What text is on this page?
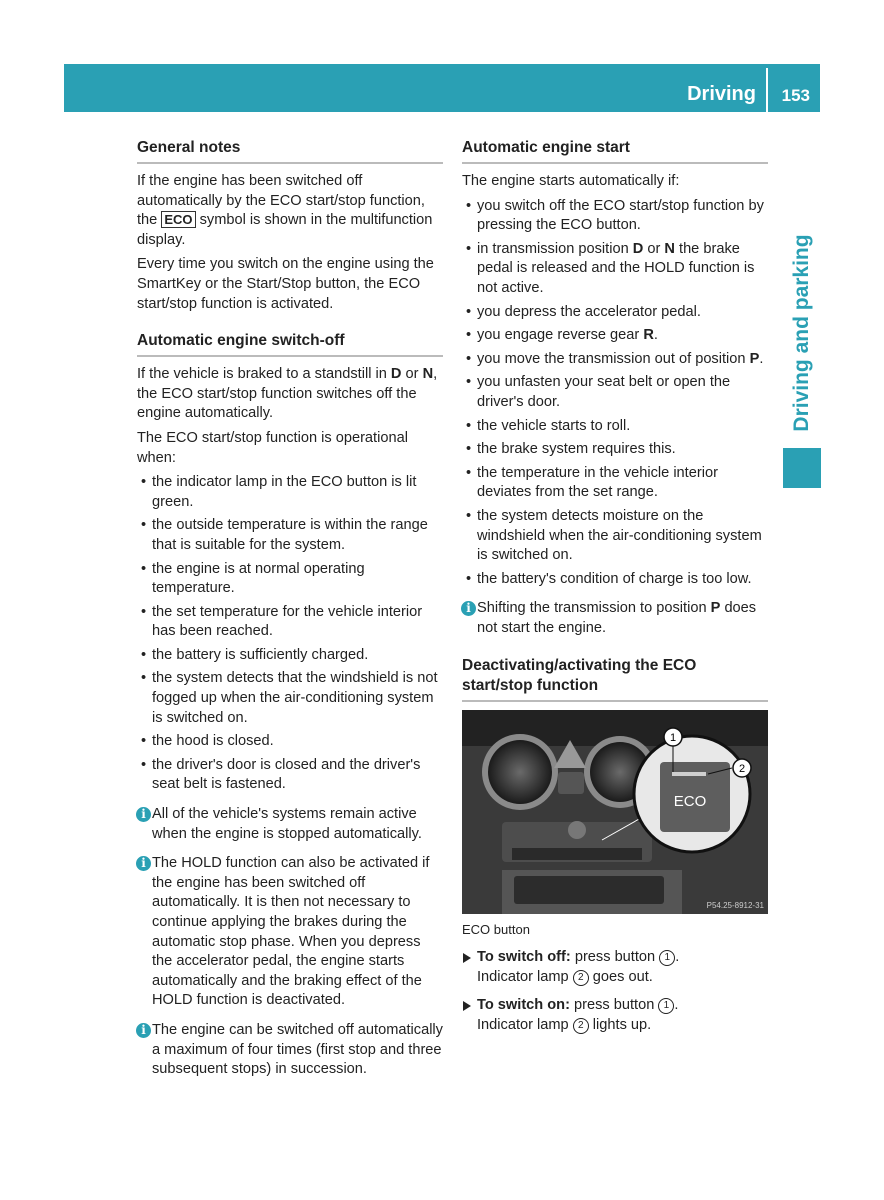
Driving 153
Driving and parking
General notes

If the engine has been switched off automatically by the ECO start/stop function, the ECO symbol is shown in the multifunction display.

Every time you switch on the engine using the SmartKey or the Start/Stop button, the ECO start/stop function is activated.

Automatic engine switch-off

If the vehicle is braked to a standstill in D or N, the ECO start/stop function switches off the engine automatically.

The ECO start/stop function is operational when:

• the indicator lamp in the ECO button is lit green.
• the outside temperature is within the range that is suitable for the system.
• the engine is at normal operating temperature.
• the set temperature for the vehicle interior has been reached.
• the battery is sufficiently charged.
• the system detects that the windshield is not fogged up when the air-conditioning system is switched on.
• the hood is closed.
• the driver's door is closed and the driver's seat belt is fastened.
i All of the vehicle's systems remain active when the engine is stopped automatically.
i The HOLD function can also be activated if the engine has been switched off automatically. It is then not necessary to continue applying the brakes during the automatic stop phase. When you depress the accelerator pedal, the engine starts automatically and the braking effect of the HOLD function is deactivated.
i The engine can be switched off automatically a maximum of four times (first stop and three subsequent stops) in succession.
Automatic engine start

The engine starts automatically if:

• you switch off the ECO start/stop function by pressing the ECO button.
• in transmission position D or N the brake pedal is released and the HOLD function is not active.
• you depress the accelerator pedal.
• you engage reverse gear R.
• you move the transmission out of position P.
• you unfasten your seat belt or open the driver's door.
• the vehicle starts to roll.
• the brake system requires this.
• the temperature in the vehicle interior deviates from the set range.
• the system detects moisture on the windshield when the air-conditioning system is switched on.
• the battery's condition of charge is too low.
i Shifting the transmission to position P does not start the engine.
Deactivating/activating the ECO start/stop function
ECO
1
2
P54.25-8912-31
ECO button
To switch off: press button 1 .
Indicator lamp 2 goes out.
To switch on: press button 1 .
Indicator lamp 2 lights up.
